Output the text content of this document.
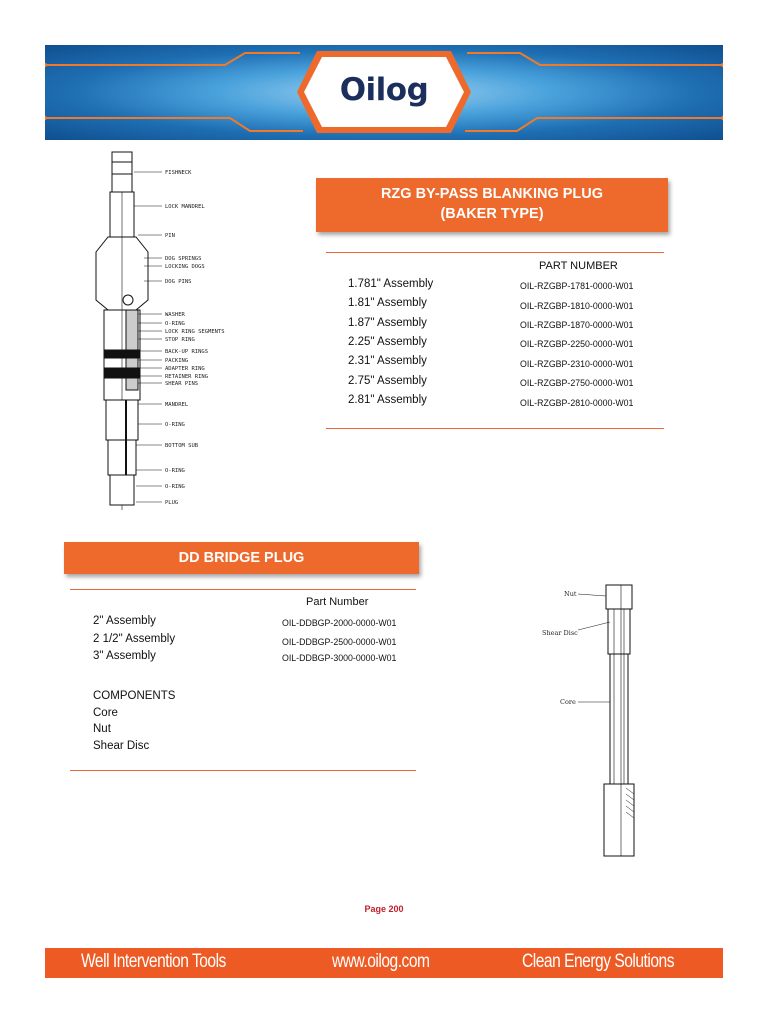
Oilog
FISHNECK
LOCK MANDREL
PIN
DOG SPRINGS
LOCKING DOGS
DOG PINS
WASHER
O-RING
LOCK RING SEGMENTS
STOP RING
BACK-UP RINGS
PACKING
ADAPTER RING
RETAINER RING
SHEAR PINS
MANDREL
O-RING
BOTTOM SUB
O-RING
O-RING
PLUG
RZG BY-PASS BLANKING PLUG
(BAKER TYPE)
PART NUMBER
1.781" Assembly	OIL-RZGBP-1781-0000-W01
1.81" Assembly	OIL-RZGBP-1810-0000-W01
1.87" Assembly	OIL-RZGBP-1870-0000-W01
2.25" Assembly	OIL-RZGBP-2250-0000-W01
2.31" Assembly	OIL-RZGBP-2310-0000-W01
2.75" Assembly	OIL-RZGBP-2750-0000-W01
2.81" Assembly	OIL-RZGBP-2810-0000-W01
DD BRIDGE PLUG
Part Number
2" Assembly	OIL-DDBGP-2000-0000-W01
2 1/2" Assembly	OIL-DDBGP-2500-0000-W01
3" Assembly	OIL-DDBGP-3000-0000-W01
COMPONENTS
Core
Nut
Shear Disc
Nut
Shear Disc
Core
Page 200
Well Intervention Tools	www.oilog.com	Clean Energy Solutions
